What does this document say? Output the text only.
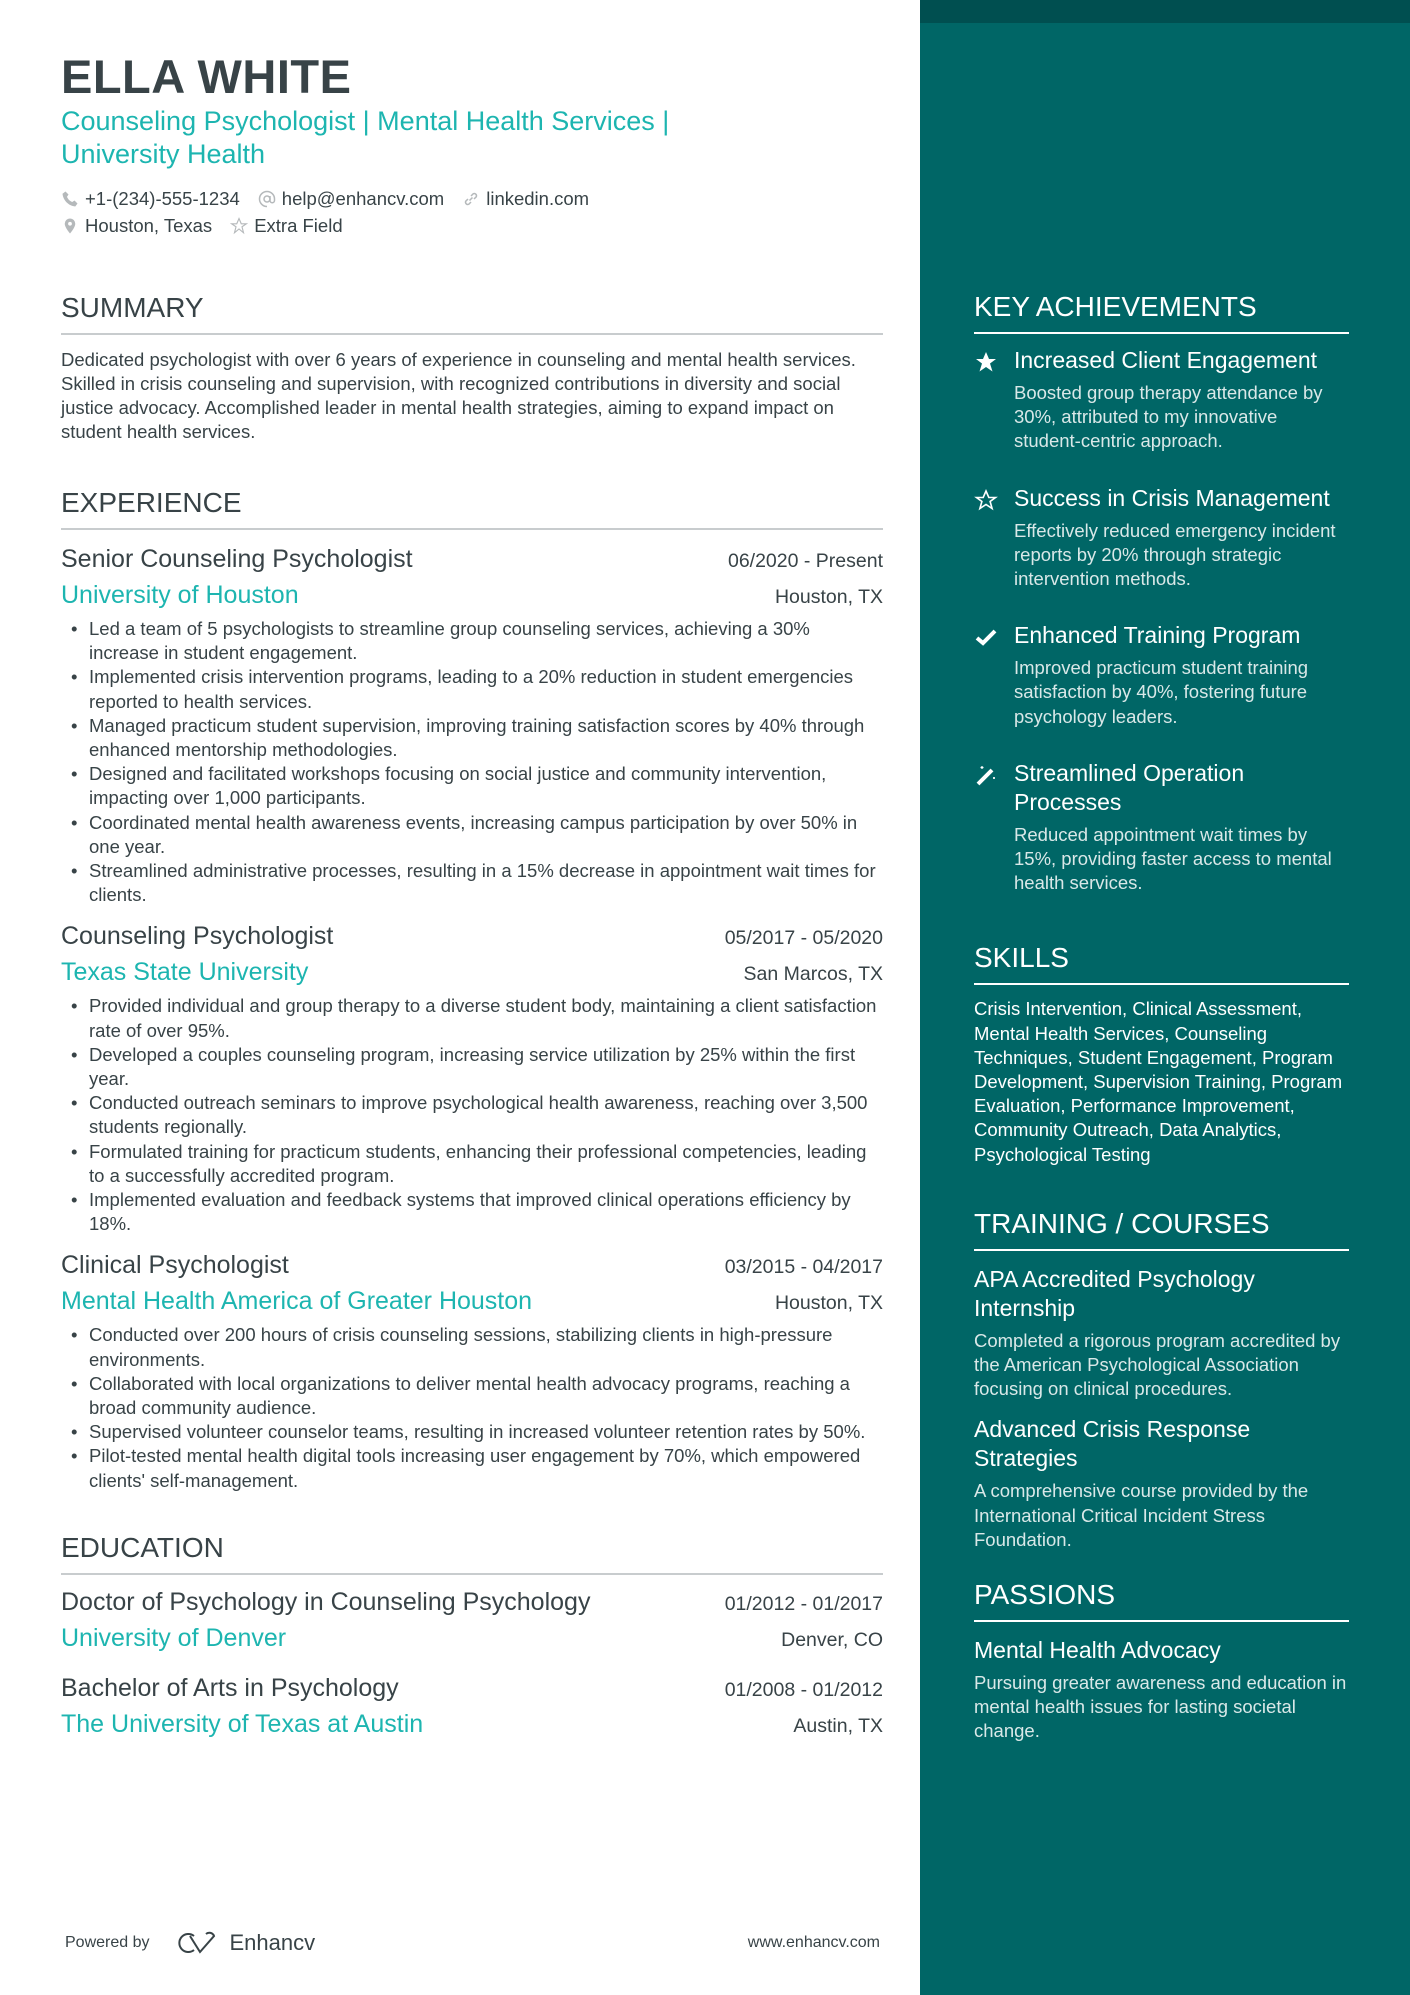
ELLA WHITE
Counseling Psychologist | Mental Health Services | University Health
+1-(234)-555-1234 help@enhancv.com linkedin.com
Houston, Texas Extra Field
SUMMARY
Dedicated psychologist with over 6 years of experience in counseling and mental health services. Skilled in crisis counseling and supervision, with recognized contributions in diversity and social justice advocacy. Accomplished leader in mental health strategies, aiming to expand impact on student health services.
EXPERIENCE
Senior Counseling Psychologist	06/2020 - Present
University of Houston	Houston, TX
• Led a team of 5 psychologists to streamline group counseling services, achieving a 30% increase in student engagement.
• Implemented crisis intervention programs, leading to a 20% reduction in student emergencies reported to health services.
• Managed practicum student supervision, improving training satisfaction scores by 40% through enhanced mentorship methodologies.
• Designed and facilitated workshops focusing on social justice and community intervention, impacting over 1,000 participants.
• Coordinated mental health awareness events, increasing campus participation by over 50% in one year.
• Streamlined administrative processes, resulting in a 15% decrease in appointment wait times for clients.
Counseling Psychologist	05/2017 - 05/2020
Texas State University	San Marcos, TX
• Provided individual and group therapy to a diverse student body, maintaining a client satisfaction rate of over 95%.
• Developed a couples counseling program, increasing service utilization by 25% within the first year.
• Conducted outreach seminars to improve psychological health awareness, reaching over 3,500 students regionally.
• Formulated training for practicum students, enhancing their professional competencies, leading to a successfully accredited program.
• Implemented evaluation and feedback systems that improved clinical operations efficiency by 18%.
Clinical Psychologist	03/2015 - 04/2017
Mental Health America of Greater Houston	Houston, TX
• Conducted over 200 hours of crisis counseling sessions, stabilizing clients in high-pressure environments.
• Collaborated with local organizations to deliver mental health advocacy programs, reaching a broad community audience.
• Supervised volunteer counselor teams, resulting in increased volunteer retention rates by 50%.
• Pilot-tested mental health digital tools increasing user engagement by 70%, which empowered clients' self-management.
EDUCATION
Doctor of Psychology in Counseling Psychology	01/2012 - 01/2017
University of Denver	Denver, CO
Bachelor of Arts in Psychology	01/2008 - 01/2012
The University of Texas at Austin	Austin, TX
Powered by	Enhancv	www.enhancv.com
KEY ACHIEVEMENTS
Increased Client Engagement
Boosted group therapy attendance by 30%, attributed to my innovative student-centric approach.
Success in Crisis Management
Effectively reduced emergency incident reports by 20% through strategic intervention methods.
Enhanced Training Program
Improved practicum student training satisfaction by 40%, fostering future psychology leaders.
Streamlined Operation Processes
Reduced appointment wait times by 15%, providing faster access to mental health services.
SKILLS
Crisis Intervention, Clinical Assessment, Mental Health Services, Counseling Techniques, Student Engagement, Program Development, Supervision Training, Program Evaluation, Performance Improvement, Community Outreach, Data Analytics, Psychological Testing
TRAINING / COURSES
APA Accredited Psychology Internship
Completed a rigorous program accredited by the American Psychological Association focusing on clinical procedures.
Advanced Crisis Response Strategies
A comprehensive course provided by the International Critical Incident Stress Foundation.
PASSIONS
Mental Health Advocacy
Pursuing greater awareness and education in mental health issues for lasting societal change.
